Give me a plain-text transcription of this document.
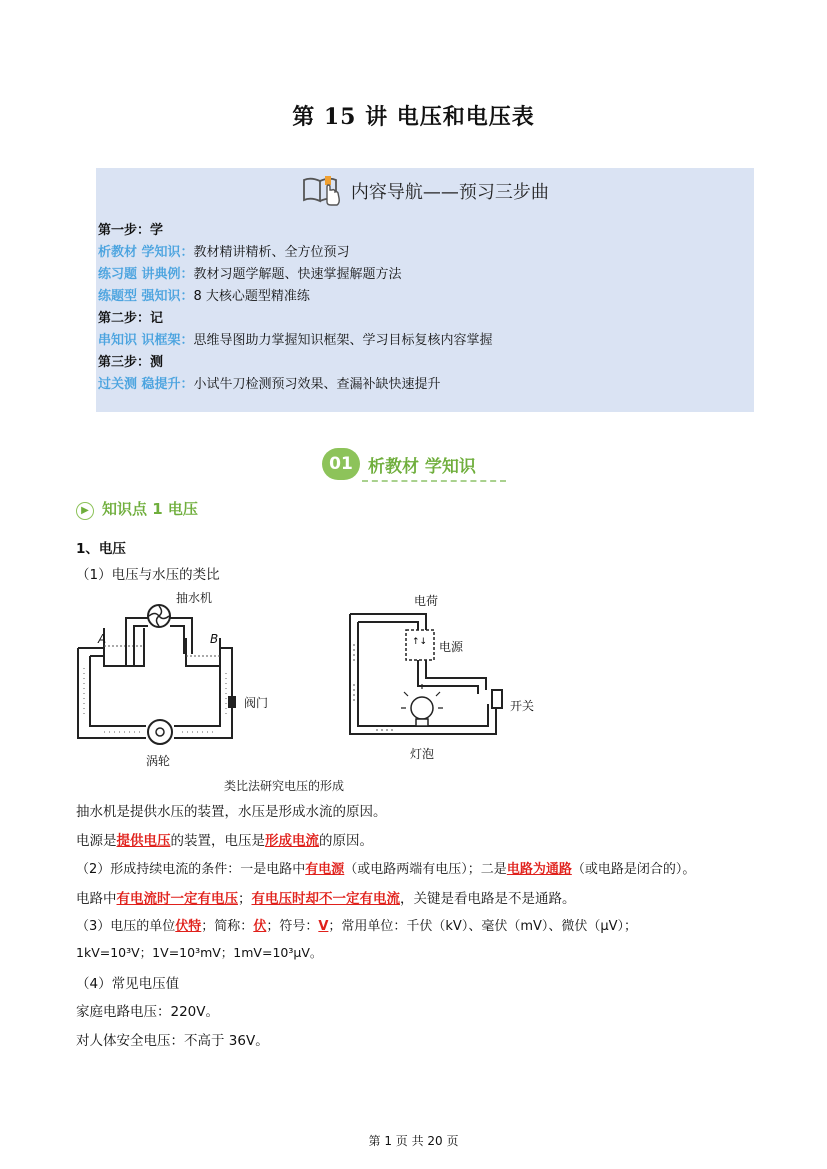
第 15 讲 电压和电压表
内容导航——预习三步曲
第一步：学
析教材 学知识：教材精讲精析、全方位预习
练习题 讲典例：教材习题学解题、快速掌握解题方法
练题型 强知识：8 大核心题型精准练
第二步：记
串知识 识框架：思维导图助力掌握知识框架、学习目标复核内容掌握
第三步：测
过关测 稳提升：小试牛刀检测预习效果、查漏补缺快速提升
01 析教材 学知识
▶ 知识点 1 电压
1、电压
（1）电压与水压的类比
抽水机
A	B
阀门
涡轮
↑↓
电荷
电源
开关
灯泡
类比法研究电压的形成
抽水机是提供水压的装置，水压是形成水流的原因。
电源是提供电压的装置，电压是形成电流的原因。
（2）形成持续电流的条件：一是电路中有电源（或电路两端有电压）；二是电路为通路（或电路是闭合的）。
电路中有电流时一定有电压；有电压时却不一定有电流，关键是看电路是不是通路。
（3）电压的单位伏特；简称：伏；符号：V；常用单位：千伏（kV）、毫伏（mV）、微伏（μV）；
1kV=10³V；1V=10³mV；1mV=10³μV。
（4）常见电压值
家庭电路电压：220V。
对人体安全电压：不高于 36V。
第 1 页 共 20 页
